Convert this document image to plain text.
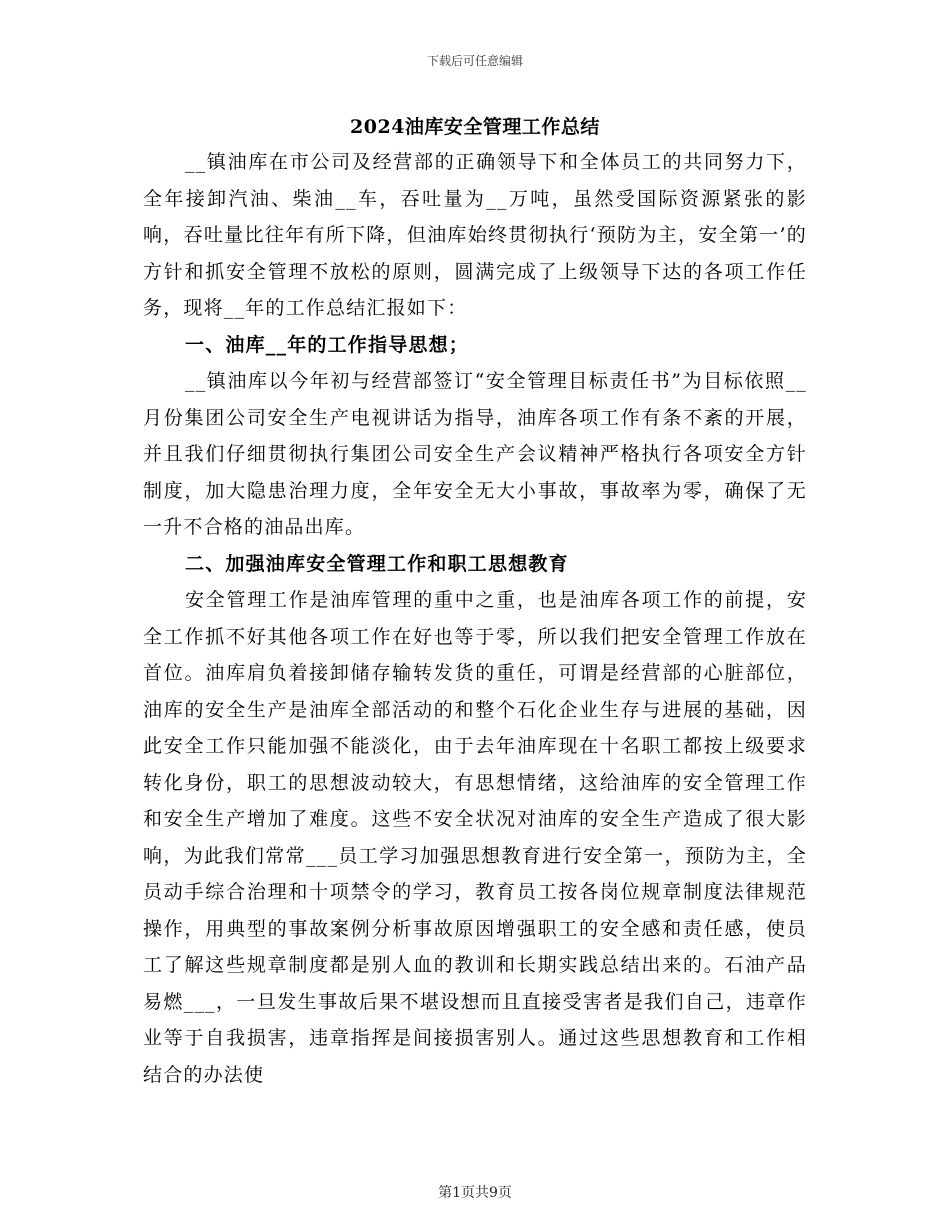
下载后可任意编辑
2024油库安全管理工作总结

__镇油库在市公司及经营部的正确领导下和全体员工的共同努力下，全年接卸汽油、柴油__车，吞吐量为__万吨，虽然受国际资源紧张的影响，吞吐量比往年有所下降，但油库始终贯彻执行‘预防为主，安全第一’的方针和抓安全管理不放松的原则，圆满完成了上级领导下达的各项工作任务，现将__年的工作总结汇报如下：

一、油库__年的工作指导思想；

__镇油库以今年初与经营部签订“安全管理目标责任书”为目标依照__月份集团公司安全生产电视讲话为指导，油库各项工作有条不紊的开展，并且我们仔细贯彻执行集团公司安全生产会议精神严格执行各项安全方针制度，加大隐患治理力度，全年安全无大小事故，事故率为零，确保了无一升不合格的油品出库。

二、加强油库安全管理工作和职工思想教育

安全管理工作是油库管理的重中之重，也是油库各项工作的前提，安全工作抓不好其他各项工作在好也等于零，所以我们把安全管理工作放在首位。油库肩负着接卸储存输转发货的重任，可谓是经营部的心脏部位，油库的安全生产是油库全部活动的和整个石化企业生存与进展的基础，因此安全工作只能加强不能淡化，由于去年油库现在十名职工都按上级要求转化身份，职工的思想波动较大，有思想情绪，这给油库的安全管理工作和安全生产增加了难度。这些不安全状况对油库的安全生产造成了很大影响，为此我们常常___员工学习加强思想教育进行安全第一，预防为主，全员动手综合治理和十项禁令的学习，教育员工按各岗位规章制度法律规范操作，用典型的事故案例分析事故原因增强职工的安全感和责任感，使员工了解这些规章制度都是别人血的教训和长期实践总结出来的。石油产品易燃___，一旦发生事故后果不堪设想而且直接受害者是我们自己，违章作业等于自我损害，违章指挥是间接损害别人。通过这些思想教育和工作相结合的办法使

第1页共9页
